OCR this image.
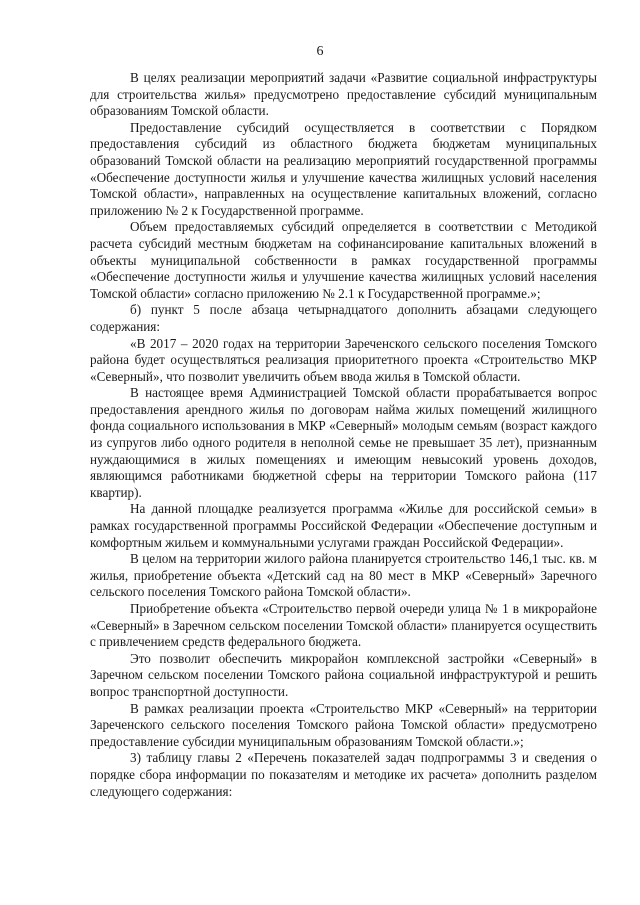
6

В целях реализации мероприятий задачи «Развитие социальной инфраструктуры для строительства жилья» предусмотрено предоставление субсидий муниципальным образованиям Томской области.

Предоставление субсидий осуществляется в соответствии с Порядком предоставления субсидий из областного бюджета бюджетам муниципальных образований Томской области на реализацию мероприятий государственной программы «Обеспечение доступности жилья и улучшение качества жилищных условий населения Томской области», направленных на осуществление капитальных вложений, согласно приложению № 2 к Государственной программе.

Объем предоставляемых субсидий определяется в соответствии с Методикой расчета субсидий местным бюджетам на софинансирование капитальных вложений в объекты муниципальной собственности в рамках государственной программы «Обеспечение доступности жилья и улучшение качества жилищных условий населения Томской области» согласно приложению № 2.1 к Государственной программе.»;

б) пункт 5 после абзаца четырнадцатого дополнить абзацами следующего содержания:

«В 2017 – 2020 годах на территории Зареченского сельского поселения Томского района будет осуществляться реализация приоритетного проекта «Строительство МКР «Северный», что позволит увеличить объем ввода жилья в Томской области.

В настоящее время Администрацией Томской области прорабатывается вопрос предоставления арендного жилья по договорам найма жилых помещений жилищного фонда социального использования в МКР «Северный» молодым семьям (возраст каждого из супругов либо одного родителя в неполной семье не превышает 35 лет), признанным нуждающимися в жилых помещениях и имеющим невысокий уровень доходов, являющимся работниками бюджетной сферы на территории Томского района (117 квартир).

На данной площадке реализуется программа «Жилье для российской семьи» в рамках государственной программы Российской Федерации «Обеспечение доступным и комфортным жильем и коммунальными услугами граждан Российской Федерации».

В целом на территории жилого района планируется строительство 146,1 тыс. кв. м жилья, приобретение объекта «Детский сад на 80 мест в МКР «Северный» Заречного сельского поселения Томского района Томской области».

Приобретение объекта «Строительство первой очереди улица № 1 в микрорайоне «Северный» в Заречном сельском поселении Томской области» планируется осуществить с привлечением средств федерального бюджета.

Это позволит обеспечить микрорайон комплексной застройки «Северный» в Заречном сельском поселении Томского района социальной инфраструктурой и решить вопрос транспортной доступности.

В рамках реализации проекта «Строительство МКР «Северный» на территории Зареченского сельского поселения Томского района Томской области» предусмотрено предоставление субсидии муниципальным образованиям Томской области.»;

3) таблицу главы 2 «Перечень показателей задач подпрограммы 3 и сведения о порядке сбора информации по показателям и методике их расчета» дополнить разделом следующего содержания:
